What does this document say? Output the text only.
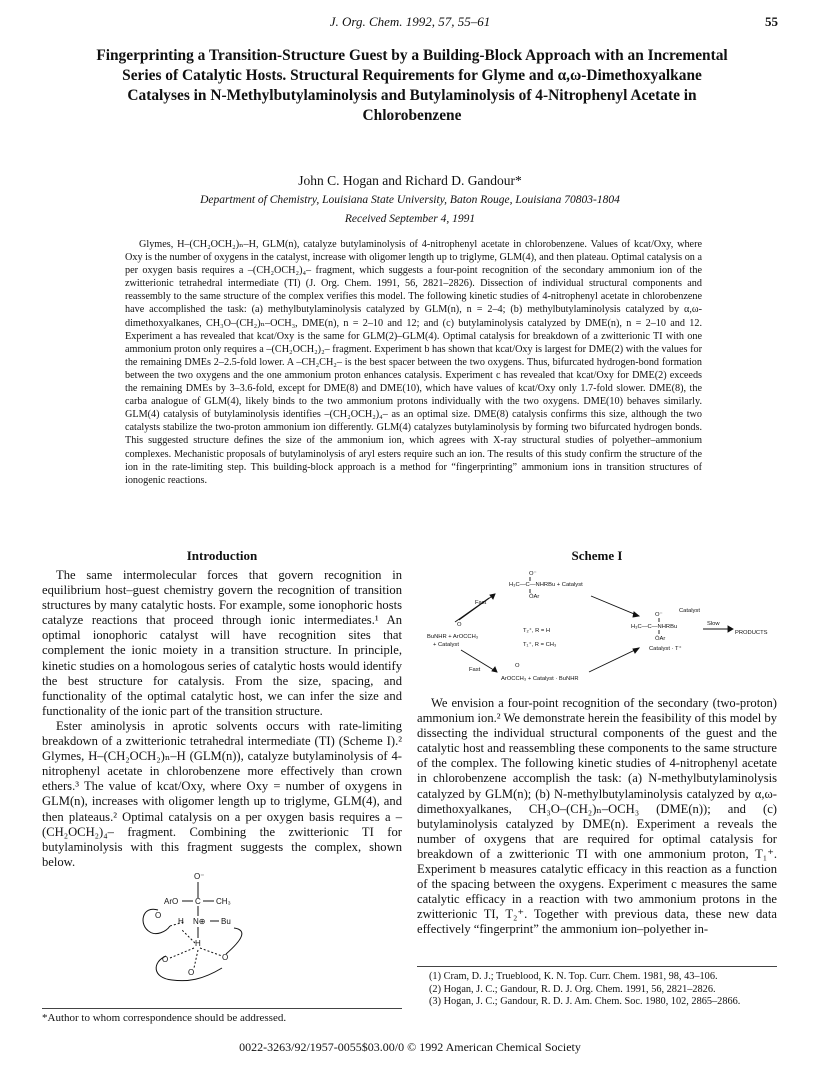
J. Org. Chem. 1992, 57, 55–61	55
Fingerprinting a Transition-Structure Guest by a Building-Block Approach with an Incremental Series of Catalytic Hosts. Structural Requirements for Glyme and α,ω-Dimethoxyalkane Catalyses in N-Methylbutylaminolysis and Butylaminolysis of 4-Nitrophenyl Acetate in Chlorobenzene
John C. Hogan and Richard D. Gandour*
Department of Chemistry, Louisiana State University, Baton Rouge, Louisiana 70803-1804
Received September 4, 1991

Glymes, H–(CH₂OCH₂)ₙ–H, GLM(n), catalyze butylaminolysis of 4-nitrophenyl acetate in chlorobenzene. Values of kcat/Oxy, where Oxy is the number of oxygens in the catalyst, increase with oligomer length up to triglyme, GLM(4), and then plateau. Optimal catalysis on a per oxygen basis requires a –(CH₂OCH₂)₄– fragment, which suggests a four-point recognition of the secondary ammonium ion of the zwitterionic tetrahedral intermediate (TI) (J. Org. Chem. 1991, 56, 2821–2826). Dissection of individual structural components and reassembly to the same structure of the complex verifies this model. The following kinetic studies of 4-nitrophenyl acetate in chlorobenzene have accomplished the task: (a) methylbutylaminolysis catalyzed by GLM(n), n = 2–4; (b) methylbutylaminolysis catalyzed by α,ω-dimethoxyalkanes, CH₃O–(CH₂)ₙ–OCH₃, DME(n), n = 2–10 and 12; and (c) butylaminolysis catalyzed by DME(n), n = 2–10 and 12. Experiment a has revealed that kcat/Oxy is the same for GLM(2)–GLM(4). Optimal catalysis for breakdown of a zwitterionic TI with one ammonium proton only requires a –(CH₂OCH₂)₂– fragment. Experiment b has shown that kcat/Oxy is largest for DME(2) with the values for the remaining DMEs 2–2.5-fold lower. A –CH₂CH₂– is the best spacer between the two oxygens. Thus, bifurcated hydrogen-bond formation between the two oxygens and the one ammonium proton enhances catalysis. Experiment c has revealed that kcat/Oxy for DME(2) exceeds the remaining DMEs by 3–3.6-fold, except for DME(8) and DME(10), which have values of kcat/Oxy only 1.7-fold slower. DME(8), the carba analogue of GLM(4), likely binds to the two ammonium protons individually with the two oxygens. DME(10) behaves similarly. GLM(4) catalysis of butylaminolysis identifies –(CH₂OCH₂)₄– as an optimal size. DME(8) catalysis confirms this size, although the two catalysts stabilize the two-proton ammonium ion differently. GLM(4) catalyzes butylaminolysis by forming two bifurcated hydrogen bonds. This suggested structure defines the size of the ammonium ion, which agrees with X-ray structural studies of polyether–ammonium complexes. Mechanistic proposals of butylaminolysis of aryl esters require such an ion. The results of this study confirm the structure of the ion in the rate-limiting step. This building-block approach is a method for “fingerprinting” ammonium ions in transition structures of ionogenic reactions.

Introduction

The same intermolecular forces that govern recognition in equilibrium host–guest chemistry govern the recognition of transition structures by many catalytic hosts. For example, some ionophoric hosts catalyze reactions that proceed through ionic intermediates.¹ An optimal ionophoric catalyst will have recognition sites that complement the ionic moiety in a transition structure. In principle, kinetic studies on a homologous series of catalytic hosts would identify the best structure for catalysis. From the size, spacing, and functionality of the optimal catalytic host, we can infer the size and functionality of the ionic part of the transition structure.

Ester aminolysis in aprotic solvents occurs with rate-limiting breakdown of a zwitterionic tetrahedral intermediate (TI) (Scheme I).² Glymes, H–(CH₂OCH₂)ₙ–H (GLM(n)), catalyze butylaminolysis of 4-nitrophenyl acetate in chlorobenzene more effectively than crown ethers.³ The value of kcat/Oxy, where Oxy = number of oxygens in GLM(n), increases with oligomer length up to triglyme, GLM(4), and then plateaus.² Optimal catalysis on a per oxygen basis requires a –(CH₂OCH₂)₄– fragment. Combining the zwitterionic TI for butylaminolysis with this fragment suggests the complex, shown below.

O⁻
ArO C CH₃
H N⊕ Bu
H
O
O
O
O
Scheme I
O⁻
H₃C—C—NHRBu + Catalyst
ŌAr
Fast
O
BuNHR + ArOCCH₃
+ Catalyst
T₂⁺, R = H
T₁⁺, R = CH₃
O⁻
Catalyst
H₃C—C—NHRBu
ŌAr
Catalyst · T⁺
Slow
PRODUCTS
Fast
O
ArOCCH₃ + Catalyst · BuNHR

We envision a four-point recognition of the secondary (two-proton) ammonium ion.² We demonstrate herein the feasibility of this model by dissecting the individual structural components of the guest and the catalytic host and reassembling these components to the same structure of the complex. The following kinetic studies of 4-nitrophenyl acetate in chlorobenzene accomplish the task: (a) N-methylbutylaminolysis catalyzed by GLM(n); (b) N-methylbutylaminolysis catalyzed by α,ω-dimethoxyalkanes, CH₃O–(CH₂)ₙ–OCH₃ (DME(n)); and (c) butylaminolysis catalyzed by DME(n). Experiment a reveals the number of oxygens that are required for optimal catalysis for breakdown of a zwitterionic TI with one ammonium proton, T₁⁺. Experiment b measures catalytic efficacy in this reaction as a function of the spacing between the oxygens. Experiment c measures the same catalytic efficacy in a reaction with two ammonium protons in the zwitterionic TI, T₂⁺. Together with previous data, these new data effectively “fingerprint” the ammonium ion–polyether in-

(1) Cram, D. J.; Trueblood, K. N. Top. Curr. Chem. 1981, 98, 43–106.
(2) Hogan, J. C.; Gandour, R. D. J. Org. Chem. 1991, 56, 2821–2826.
(3) Hogan, J. C.; Gandour, R. D. J. Am. Chem. Soc. 1980, 102, 2865–2866.
*Author to whom correspondence should be addressed.
0022-3263/92/1957-0055$03.00/0 © 1992 American Chemical Society
